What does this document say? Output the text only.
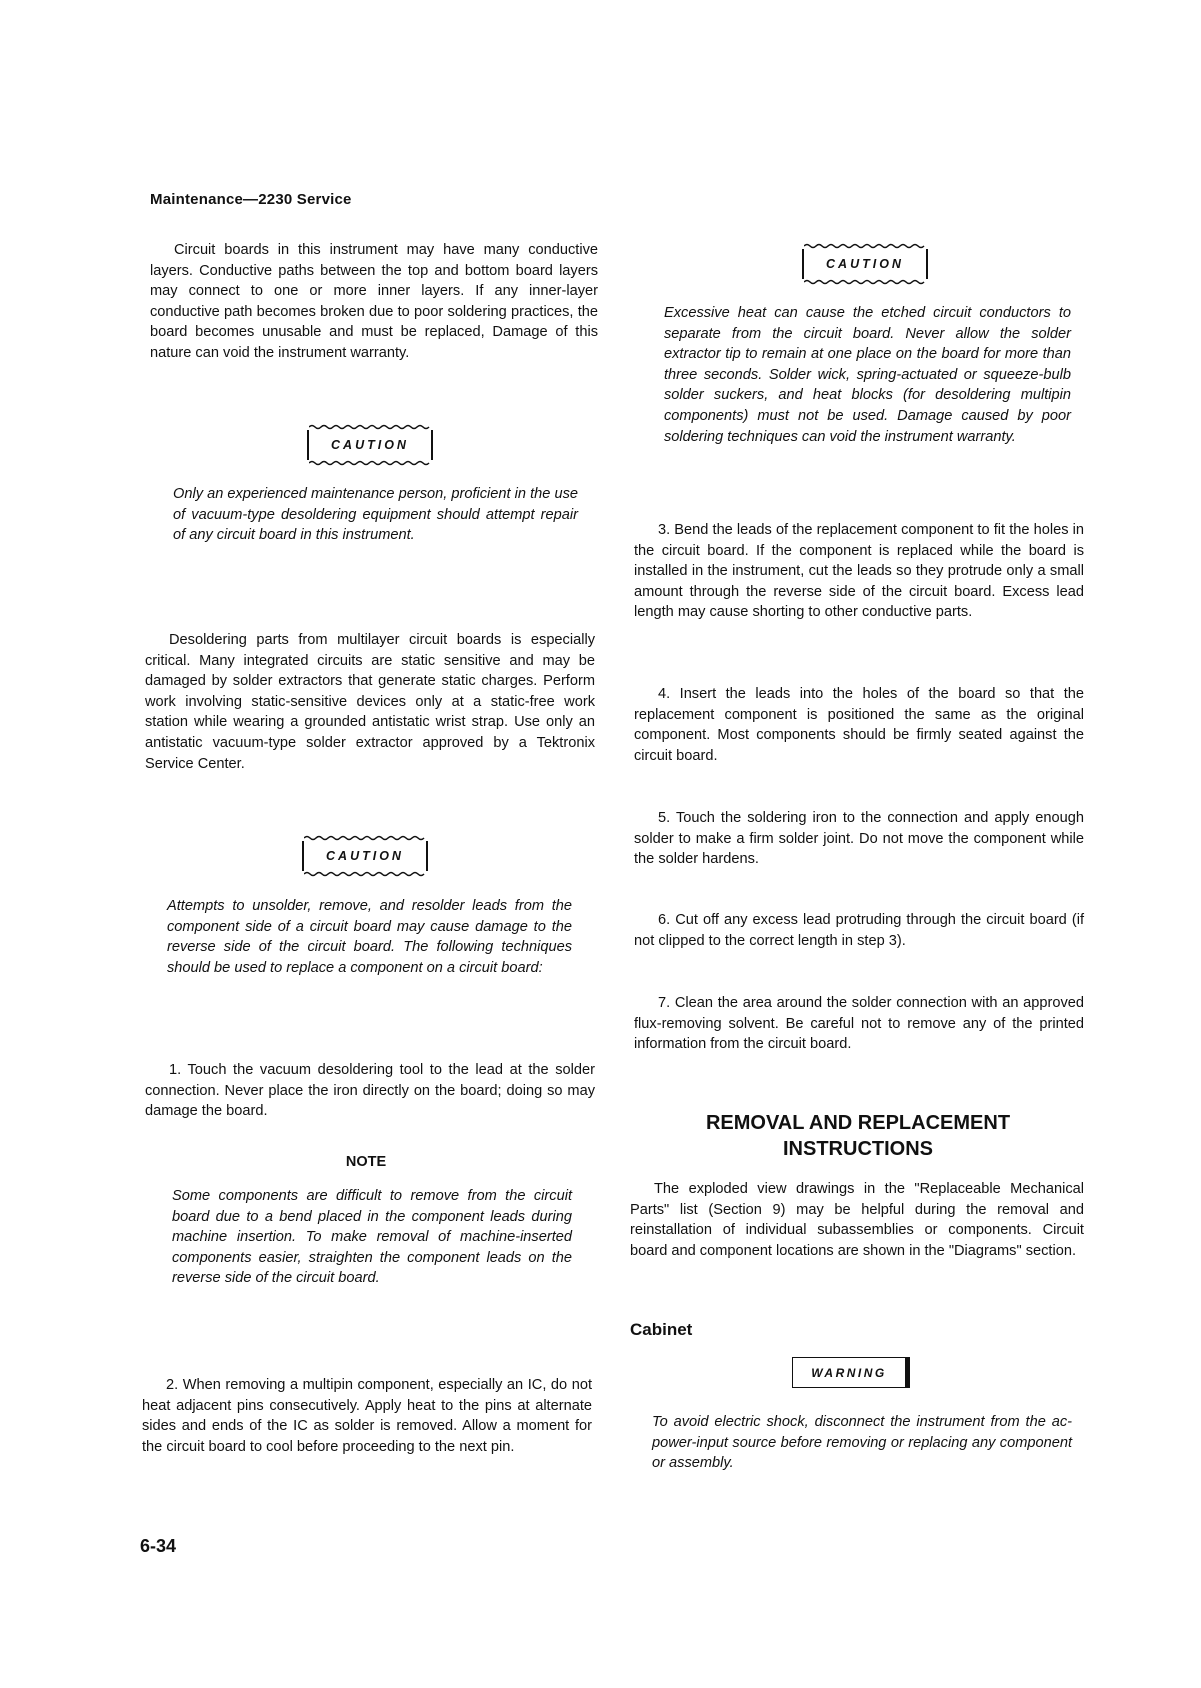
Maintenance—2230 Service
Circuit boards in this instrument may have many conductive layers. Conductive paths between the top and bottom board layers may connect to one or more inner layers. If any inner-layer conductive path becomes broken due to poor soldering practices, the board becomes unusable and must be replaced, Damage of this nature can void the instrument warranty.
CAUTION
Only an experienced maintenance person, proficient in the use of vacuum-type desoldering equipment should attempt repair of any circuit board in this instrument.
Desoldering parts from multilayer circuit boards is especially critical. Many integrated circuits are static sensitive and may be damaged by solder extractors that generate static charges. Perform work involving static-sensitive devices only at a static-free work station while wearing a grounded antistatic wrist strap. Use only an antistatic vacuum-type solder extractor approved by a Tektronix Service Center.
CAUTION
Attempts to unsolder, remove, and resolder leads from the component side of a circuit board may cause damage to the reverse side of the circuit board. The following techniques should be used to replace a component on a circuit board:
1. Touch the vacuum desoldering tool to the lead at the solder connection. Never place the iron directly on the board; doing so may damage the board.
NOTE
Some components are difficult to remove from the circuit board due to a bend placed in the component leads during machine insertion. To make removal of machine-inserted components easier, straighten the component leads on the reverse side of the circuit board.
2. When removing a multipin component, especially an IC, do not heat adjacent pins consecutively. Apply heat to the pins at alternate sides and ends of the IC as solder is removed. Allow a moment for the circuit board to cool before proceeding to the next pin.
CAUTION
Excessive heat can cause the etched circuit conductors to separate from the circuit board. Never allow the solder extractor tip to remain at one place on the board for more than three seconds. Solder wick, spring-actuated or squeeze-bulb solder suckers, and heat blocks (for desoldering multipin components) must not be used. Damage caused by poor soldering techniques can void the instrument warranty.
3. Bend the leads of the replacement component to fit the holes in the circuit board. If the component is replaced while the board is installed in the instrument, cut the leads so they protrude only a small amount through the reverse side of the circuit board. Excess lead length may cause shorting to other conductive parts.
4. Insert the leads into the holes of the board so that the replacement component is positioned the same as the original component. Most components should be firmly seated against the circuit board.
5. Touch the soldering iron to the connection and apply enough solder to make a firm solder joint. Do not move the component while the solder hardens.
6. Cut off any excess lead protruding through the circuit board (if not clipped to the correct length in step 3).
7. Clean the area around the solder connection with an approved flux-removing solvent. Be careful not to remove any of the printed information from the circuit board.
REMOVAL AND REPLACEMENT
INSTRUCTIONS
The exploded view drawings in the "Replaceable Mechanical Parts" list (Section 9) may be helpful during the removal and reinstallation of individual subassemblies or components. Circuit board and component locations are shown in the "Diagrams" section.
Cabinet
WARNING
To avoid electric shock, disconnect the instrument from the ac-power-input source before removing or replacing any component or assembly.
6-34
